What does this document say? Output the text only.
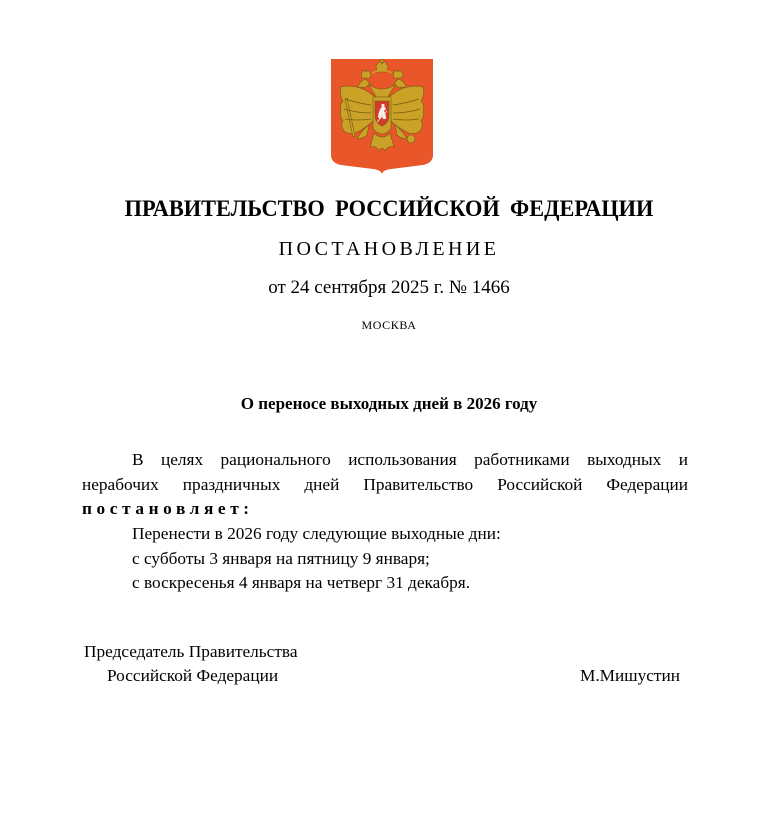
ПРАВИТЕЛЬСТВО РОССИЙСКОЙ ФЕДЕРАЦИИ
ПОСТАНОВЛЕНИЕ
от 24 сентября 2025 г. № 1466
МОСКВА
О переносе выходных дней в 2026 году

В целях рационального использования работниками выходных и нерабочих праздничных дней Правительство Российской Федерации постановляет:

Перенести в 2026 году следующие выходные дни:
с субботы 3 января на пятницу 9 января;
с воскресенья 4 января на четверг 31 декабря.
Председатель Правительства
Российской Федерации	М.Мишустин
